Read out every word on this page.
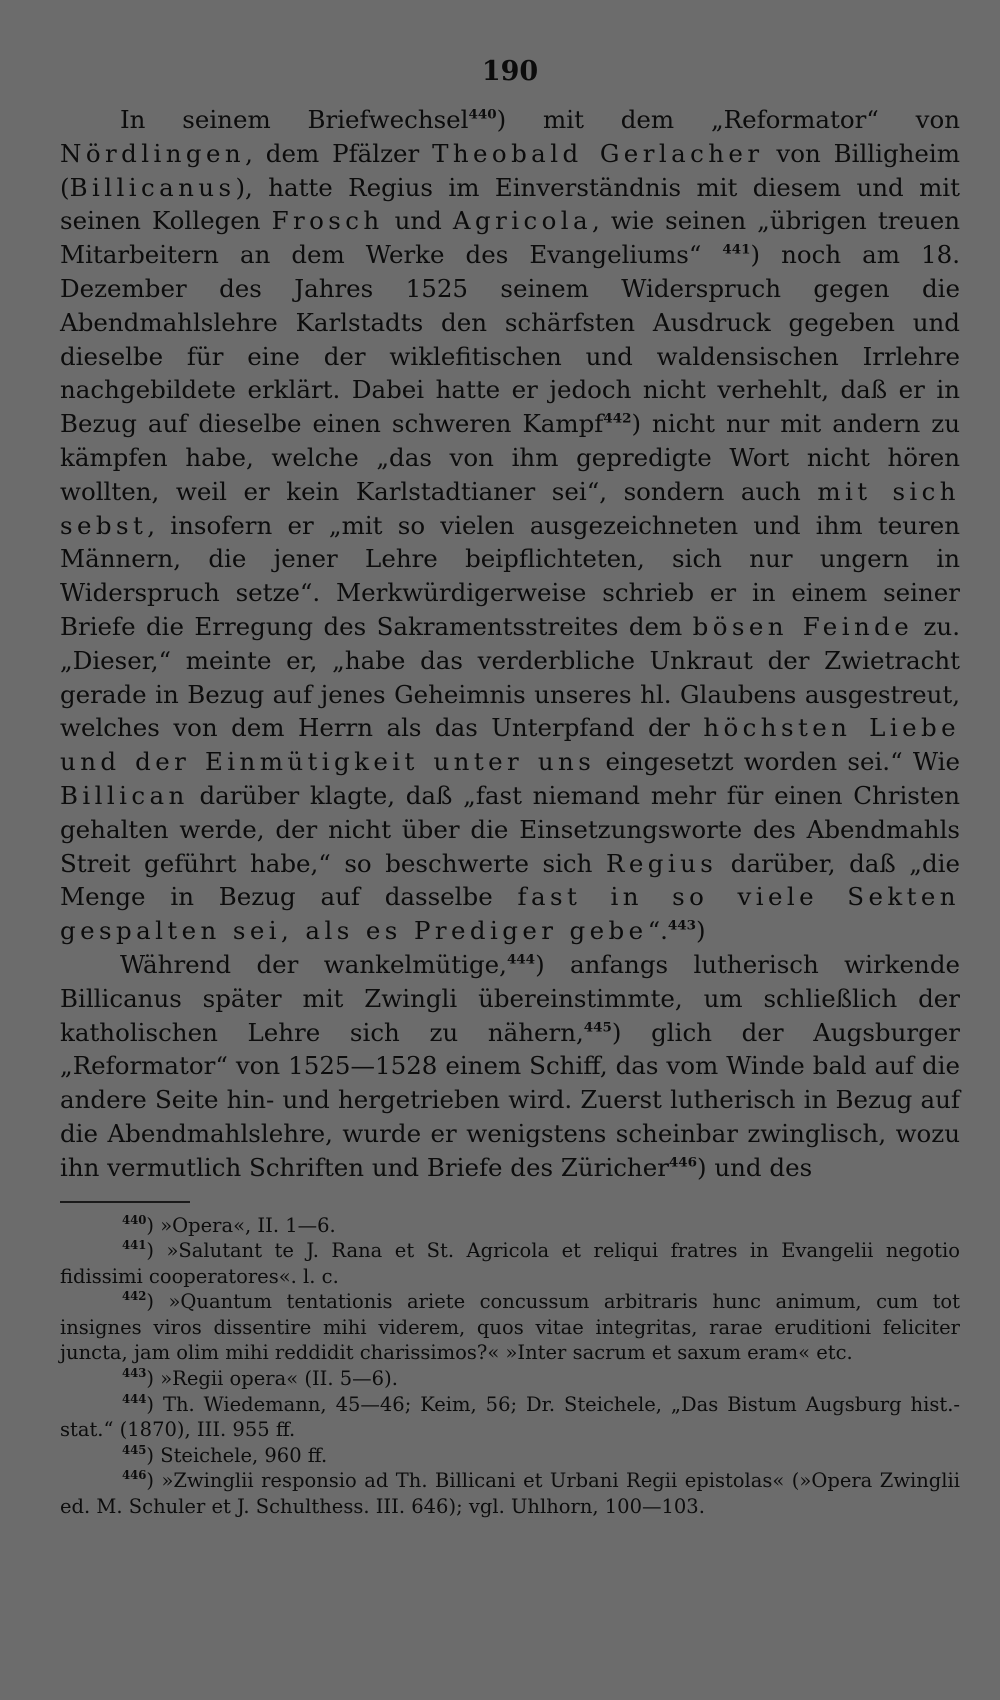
190

In seinem Briefwechsel$^{440}$) mit dem „Reformator“ von Nördlingen, dem Pfälzer Theobald Gerlacher von Billigheim (Billicanus), hatte Regius im Einverständnis mit diesem und mit seinen Kollegen Frosch und Agricola, wie seinen „übrigen treuen Mitarbeitern an dem Werke des Evangeliums“ $^{441}$) noch am 18. Dezember des Jahres 1525 seinem Widerspruch gegen die Abendmahlslehre Karlstadts den schärfsten Ausdruck gegeben und dieselbe für eine der wiklefitischen und waldensischen Irrlehre nachgebildete erklärt. Dabei hatte er jedoch nicht verhehlt, daß er in Bezug auf dieselbe einen schweren Kampf$^{442}$) nicht nur mit andern zu kämpfen habe, welche „das von ihm gepredigte Wort nicht hören wollten, weil er kein Karlstadtianer sei“, sondern auch mit sich sebst, insofern er „mit so vielen ausgezeichneten und ihm teuren Männern, die jener Lehre beipflichteten, sich nur ungern in Widerspruch setze“. Merkwürdigerweise schrieb er in einem seiner Briefe die Erregung des Sakramentsstreites dem bösen Feinde zu. „Dieser,“ meinte er, „habe das verderbliche Unkraut der Zwietracht gerade in Bezug auf jenes Geheimnis unseres hl. Glaubens ausgestreut, welches von dem Herrn als das Unterpfand der höchsten Liebe und der Einmütigkeit unter uns eingesetzt worden sei.“ Wie Billican darüber klagte, daß „fast niemand mehr für einen Christen gehalten werde, der nicht über die Einsetzungsworte des Abendmahls Streit geführt habe,“ so beschwerte sich Regius darüber, daß „die Menge in Bezug auf dasselbe fast in so viele Sekten gespalten sei, als es Prediger gebe“.$^{443}$)

Während der wankelmütige,$^{444}$) anfangs lutherisch wirkende Billicanus später mit Zwingli übereinstimmte, um schließlich der katholischen Lehre sich zu nähern,$^{445}$) glich der Augsburger „Reformator“ von 1525—1528 einem Schiff, das vom Winde bald auf die andere Seite hin- und hergetrieben wird. Zuerst lutherisch in Bezug auf die Abendmahlslehre, wurde er wenigstens scheinbar zwinglisch, wozu ihn vermutlich Schriften und Briefe des Züricher$^{446}$) und des

$^{440}$) »Opera«, II. 1—6.

$^{441}$) »Salutant te J. Rana et St. Agricola et reliqui fratres in Evangelii negotio fidissimi cooperatores«. l. c.

$^{442}$) »Quantum tentationis ariete concussum arbitraris hunc animum, cum tot insignes viros dissentire mihi viderem, quos vitae integritas, rarae eruditioni feliciter juncta, jam olim mihi reddidit charissimos?« »Inter sacrum et saxum eram« etc.

$^{443}$) »Regii opera« (II. 5—6).

$^{444}$) Th. Wiedemann, 45—46; Keim, 56; Dr. Steichele, „Das Bistum Augsburg hist.-stat.“ (1870), III. 955 ff.

$^{445}$) Steichele, 960 ff.

$^{446}$) »Zwinglii responsio ad Th. Billicani et Urbani Regii epistolas« (»Opera Zwinglii ed. M. Schuler et J. Schulthess. III. 646); vgl. Uhlhorn, 100—103.
